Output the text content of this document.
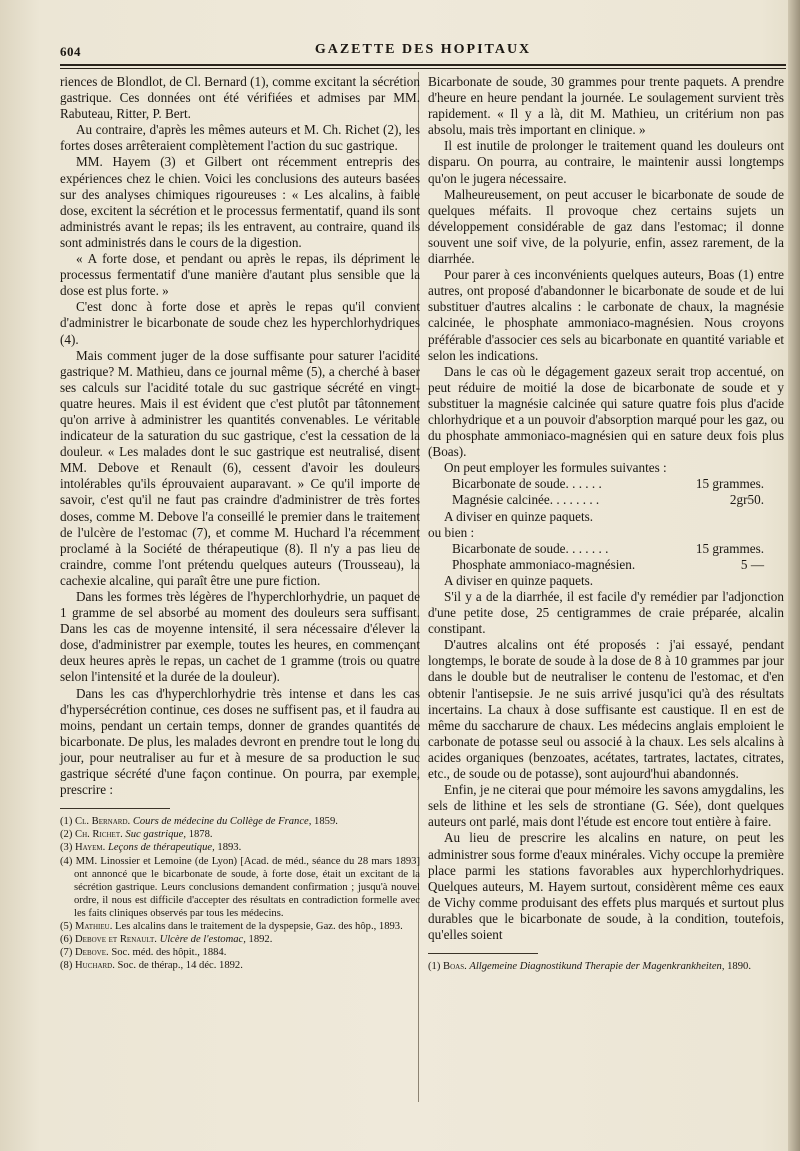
604	GAZETTE DES HOPITAUX

riences de Blondlot, de Cl. Bernard (1), comme excitant la sécrétion gastrique. Ces données ont été vérifiées et admises par MM. Rabuteau, Ritter, P. Bert.

Au contraire, d'après les mêmes auteurs et M. Ch. Richet (2), les fortes doses arrêteraient complètement l'action du suc gastrique.

MM. Hayem (3) et Gilbert ont récemment entrepris des expériences chez le chien. Voici les conclusions des auteurs basées sur des analyses chimiques rigoureuses : « Les alcalins, à faible dose, excitent la sécrétion et le processus fermentatif, quand ils sont administrés avant le repas; ils les entravent, au contraire, quand ils sont administrés dans le cours de la digestion.

« A forte dose, et pendant ou après le repas, ils dépriment le processus fermentatif d'une manière d'autant plus sensible que la dose est plus forte. »

C'est donc à forte dose et après le repas qu'il convient d'administrer le bicarbonate de soude chez les hyperchlorhydriques (4).

Mais comment juger de la dose suffisante pour saturer l'acidité gastrique? M. Mathieu, dans ce journal même (5), a cherché à baser ses calculs sur l'acidité totale du suc gastrique sécrété en vingt-quatre heures. Mais il est évident que c'est plutôt par tâtonnement qu'on arrive à administrer les quantités convenables. Le véritable indicateur de la saturation du suc gastrique, c'est la cessation de la douleur. « Les malades dont le suc gastrique est neutralisé, disent MM. Debove et Renault (6), cessent d'avoir les douleurs intolérables qu'ils éprouvaient auparavant. » Ce qu'il importe de savoir, c'est qu'il ne faut pas craindre d'administrer de très fortes doses, comme M. Debove l'a conseillé le premier dans le traitement de l'ulcère de l'estomac (7), et comme M. Huchard l'a récemment proclamé à la Société de thérapeutique (8). Il n'y a pas lieu de craindre, comme l'ont prétendu quelques auteurs (Trousseau), la cachexie alcaline, qui paraît être une pure fiction.

Dans les formes très légères de l'hyperchlorhydrie, un paquet de 1 gramme de sel absorbé au moment des douleurs sera suffisant. Dans les cas de moyenne intensité, il sera nécessaire d'élever la dose, d'administrer par exemple, toutes les heures, en commençant deux heures après le repas, un cachet de 1 gramme (trois ou quatre selon l'intensité et la durée de la douleur).

Dans les cas d'hyperchlorhydrie très intense et dans les cas d'hypersécrétion continue, ces doses ne suffisent pas, et il faudra au moins, pendant un certain temps, donner de grandes quantités de bicarbonate. De plus, les malades devront en prendre tout le long du jour, pour neutraliser au fur et à mesure de sa production le suc gastrique sécrété d'une façon continue. On pourra, par exemple, prescrire :

(1) Cl. Bernard. Cours de médecine du Collège de France, 1859.

(2) Ch. Richet. Suc gastrique, 1878.

(3) Hayem. Leçons de thérapeutique, 1893.

(4) MM. Linossier et Lemoine (de Lyon) [Acad. de méd., séance du 28 mars 1893] ont annoncé que le bicarbonate de soude, à forte dose, était un excitant de la sécrétion gastrique. Leurs conclusions demandent confirmation ; jusqu'à nouvel ordre, il nous est difficile d'accepter des résultats en contradiction formelle avec les faits cliniques observés par tous les médecins.

(5) Mathieu. Les alcalins dans le traitement de la dyspepsie, Gaz. des hôp., 1893.

(6) Debove et Renault. Ulcère de l'estomac, 1892.

(7) Debove. Soc. méd. des hôpit., 1884.

(8) Huchard. Soc. de thérap., 14 déc. 1892.

Bicarbonate de soude, 30 grammes pour trente paquets. A prendre d'heure en heure pendant la journée. Le soulagement survient très rapidement. « Il y a là, dit M. Mathieu, un critérium non pas absolu, mais très important en clinique. »

Il est inutile de prolonger le traitement quand les douleurs ont disparu. On pourra, au contraire, le maintenir aussi longtemps qu'on le jugera nécessaire.

Malheureusement, on peut accuser le bicarbonate de soude de quelques méfaits. Il provoque chez certains sujets un développement considérable de gaz dans l'estomac; il donne souvent une soif vive, de la polyurie, enfin, assez rarement, de la diarrhée.

Pour parer à ces inconvénients quelques auteurs, Boas (1) entre autres, ont proposé d'abandonner le bicarbonate de soude et de lui substituer d'autres alcalins : le carbonate de chaux, la magnésie calcinée, le phosphate ammoniaco-magnésien. Nous croyons préférable d'associer ces sels au bicarbonate en quantité variable et selon les indications.

Dans le cas où le dégagement gazeux serait trop accentué, on peut réduire de moitié la dose de bicarbonate de soude et y substituer la magnésie calcinée qui sature quatre fois plus d'acide chlorhydrique et a un pouvoir d'absorption marqué pour les gaz, ou du phosphate ammoniaco-magnésien qui en sature deux fois plus (Boas).

On peut employer les formules suivantes :

Bicarbonate de soude. . . . . .	15 grammes.
Magnésie calcinée. . . . . . . .	2gr50.

A diviser en quinze paquets.

ou bien :

Bicarbonate de soude. . . . . . .	15 grammes.
Phosphate ammoniaco-magnésien.	5 —

A diviser en quinze paquets.

S'il y a de la diarrhée, il est facile d'y remédier par l'adjonction d'une petite dose, 25 centigrammes de craie préparée, alcalin constipant.

D'autres alcalins ont été proposés : j'ai essayé, pendant longtemps, le borate de soude à la dose de 8 à 10 grammes par jour dans le double but de neutraliser le contenu de l'estomac, et d'en obtenir l'antisepsie. Je ne suis arrivé jusqu'ici qu'à des résultats incertains. La chaux à dose suffisante est caustique. Il en est de même du saccharure de chaux. Les médecins anglais emploient le carbonate de potasse seul ou associé à la chaux. Les sels alcalins à acides organiques (benzoates, acétates, tartrates, lactates, citrates, etc., de soude ou de potasse), sont aujourd'hui abandonnés.

Enfin, je ne citerai que pour mémoire les savons amygdalins, les sels de lithine et les sels de strontiane (G. Sée), dont quelques auteurs ont parlé, mais dont l'étude est encore tout entière à faire.

Au lieu de prescrire les alcalins en nature, on peut les administrer sous forme d'eaux minérales. Vichy occupe la première place parmi les stations favorables aux hyperchlorhydriques. Quelques auteurs, M. Hayem surtout, considèrent même ces eaux de Vichy comme produisant des effets plus marqués et surtout plus durables que le bicarbonate de soude, à la condition, toutefois, qu'elles soient

(1) Boas. Allgemeine Diagnostikund Therapie der Magenkrankheiten, 1890.
